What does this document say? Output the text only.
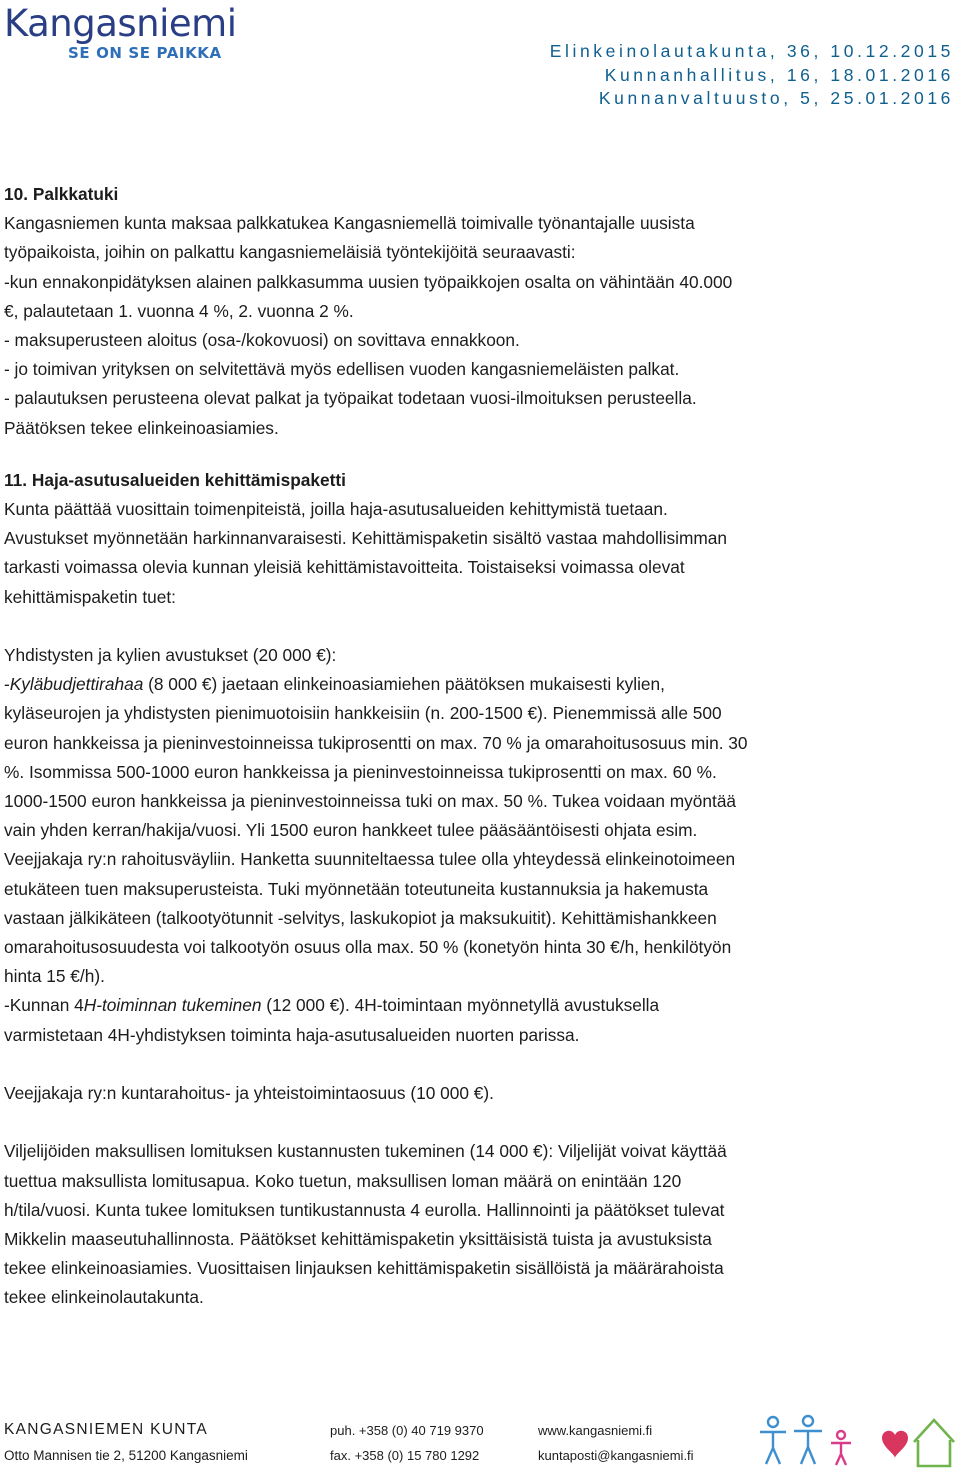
Kangasniemi
SE ON SE PAIKKA	Elinkeinolautakunta, 36, 10.12.2015
Kunnanhallitus, 16, 18.01.2016
Kunnanvaltuusto, 5, 25.01.2016

10. Palkkatuki

Kangasniemen kunta maksaa palkkatukea Kangasniemellä toimivalle työnantajalle uusista

työpaikoista, joihin on palkattu kangasniemeläisiä työntekijöitä seuraavasti:

-kun ennakonpidätyksen alainen palkkasumma uusien työpaikkojen osalta on vähintään 40.000

€, palautetaan 1. vuonna 4 %, 2. vuonna 2 %.

- maksuperusteen aloitus (osa-/kokovuosi) on sovittava ennakkoon.

- jo toimivan yrityksen on selvitettävä myös edellisen vuoden kangasniemeläisten palkat.

- palautuksen perusteena olevat palkat ja työpaikat todetaan vuosi-ilmoituksen perusteella.

Päätöksen tekee elinkeinoasiamies.

11. Haja-asutusalueiden kehittämispaketti

Kunta päättää vuosittain toimenpiteistä, joilla haja-asutusalueiden kehittymistä tuetaan.

Avustukset myönnetään harkinnanvaraisesti. Kehittämispaketin sisältö vastaa mahdollisimman

tarkasti voimassa olevia kunnan yleisiä kehittämistavoitteita. Toistaiseksi voimassa olevat

kehittämispaketin tuet:

Yhdistysten ja kylien avustukset (20 000 €):

-Kyläbudjettirahaa (8 000 €) jaetaan elinkeinoasiamiehen päätöksen mukaisesti kylien,

kyläseurojen ja yhdistysten pienimuotoisiin hankkeisiin (n. 200-1500 €). Pienemmissä alle 500

euron hankkeissa ja pieninvestoinneissa tukiprosentti on max. 70 % ja omarahoitusosuus min. 30

%. Isommissa 500-1000 euron hankkeissa ja pieninvestoinneissa tukiprosentti on max. 60 %.

1000-1500 euron hankkeissa ja pieninvestoinneissa tuki on max. 50 %. Tukea voidaan myöntää

vain yhden kerran/hakija/vuosi. Yli 1500 euron hankkeet tulee pääsääntöisesti ohjata esim.

Veejjakaja ry:n rahoitusväyliin. Hanketta suunniteltaessa tulee olla yhteydessä elinkeinotoimeen

etukäteen tuen maksuperusteista. Tuki myönnetään toteutuneita kustannuksia ja hakemusta

vastaan jälkikäteen (talkootyötunnit -selvitys, laskukopiot ja maksukuitit). Kehittämishankkeen

omarahoitusosuudesta voi talkootyön osuus olla max. 50 % (konetyön hinta 30 €/h, henkilötyön

hinta 15 €/h).

-Kunnan 4H-toiminnan tukeminen (12 000 €). 4H-toimintaan myönnetyllä avustuksella

varmistetaan 4H-yhdistyksen toiminta haja-asutusalueiden nuorten parissa.

Veejjakaja ry:n kuntarahoitus- ja yhteistoimintaosuus (10 000 €).

Viljelijöiden maksullisen lomituksen kustannusten tukeminen (14 000 €): Viljelijät voivat käyttää

tuettua maksullista lomitusapua. Koko tuetun, maksullisen loman määrä on enintään 120

h/tila/vuosi. Kunta tukee lomituksen tuntikustannusta 4 eurolla. Hallinnointi ja päätökset tulevat

Mikkelin maaseutuhallinnosta. Päätökset kehittämispaketin yksittäisistä tuista ja avustuksista

tekee elinkeinoasiamies. Vuosittaisen linjauksen kehittämispaketin sisällöistä ja määrärahoista

tekee elinkeinolautakunta.

KANGASNIEMEN KUNTA
Otto Mannisen tie 2, 51200 Kangasniemi
puh. +358 (0) 40 719 9370
fax. +358 (0) 15 780 1292
www.kangasniemi.fi
kuntaposti@kangasniemi.fi
